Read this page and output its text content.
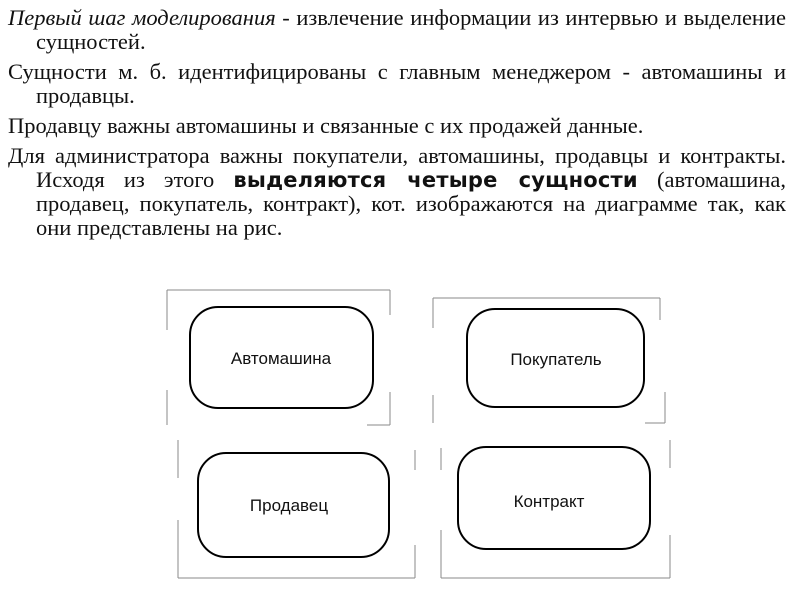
Первый шаг моделирования - извлечение информации из интервью и выделение сущностей.

Сущности м. б. идентифицированы с главным менеджером - автомашины и продавцы.

Продавцу важны автомашины и связанные с их продажей данные.

Для администратора важны покупатели, автомашины, продавцы и контракты. Исходя из этого выделяются четыре сущности (автомашина, продавец, покупатель, контракт), кот. изображаются на диаграмме так, как они представлены на рис.

Автомашина	Покупатель
Продавец	Контракт
